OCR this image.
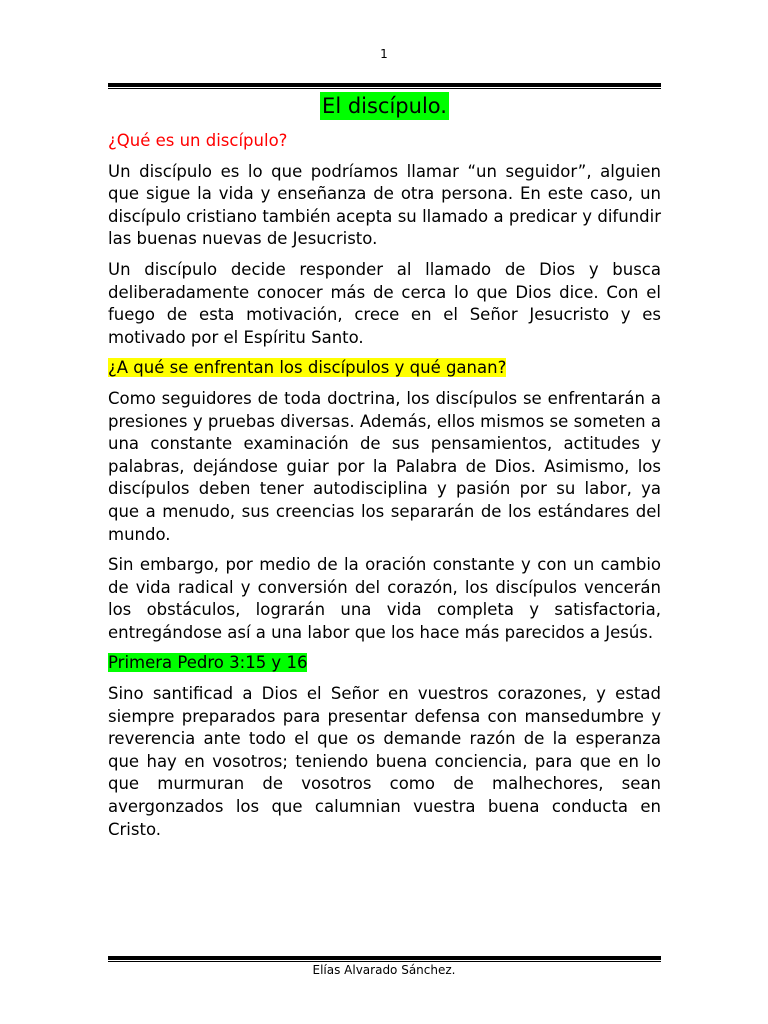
1
El discípulo.
¿Qué es un discípulo?

Un discípulo es lo que podríamos llamar “un seguidor”, alguien que sigue la vida y enseñanza de otra persona. En este caso, un discípulo cristiano también acepta su llamado a predicar y difundir las buenas nuevas de Jesucristo.

Un discípulo decide responder al llamado de Dios y busca deliberadamente conocer más de cerca lo que Dios dice. Con el fuego de esta motivación, crece en el Señor Jesucristo y es motivado por el Espíritu Santo.

¿A qué se enfrentan los discípulos y qué ganan?

Como seguidores de toda doctrina, los discípulos se enfrentarán a presiones y pruebas diversas. Además, ellos mismos se someten a una constante examinación de sus pensamientos, actitudes y palabras, dejándose guiar por la Palabra de Dios. Asimismo, los discípulos deben tener autodisciplina y pasión por su labor, ya que a menudo, sus creencias los separarán de los estándares del mundo.

Sin embargo, por medio de la oración constante y con un cambio de vida radical y conversión del corazón, los discípulos vencerán los obstáculos, lograrán una vida completa y satisfactoria, entregándose así a una labor que los hace más parecidos a Jesús.

Primera Pedro 3:15 y 16

Sino santificad a Dios el Señor en vuestros corazones, y estad siempre preparados para presentar defensa con mansedumbre y reverencia ante todo el que os demande razón de la esperanza que hay en vosotros; teniendo buena conciencia, para que en lo que murmuran de vosotros como de malhechores, sean avergonzados los que calumnian vuestra buena conducta en Cristo.

Elías Alvarado Sánchez.
